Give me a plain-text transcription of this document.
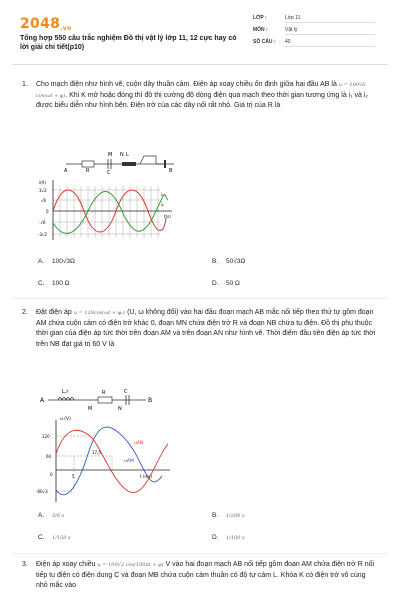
2048.vn
Tổng hợp 550 câu trắc nghiệm Đồ thị vật lý lớp 11, 12 cực hay có lời giải chi tiết(p10)
LỚP :	Lớp 11
MÔN :	Vật lý
SỐ CÂU :	40
1. Cho mạch điện như hình vẽ, cuộn dây thuần cảm. Điện áp xoay chiều ổn định giữa hai đầu AB là u = 100√6 cos(ωt + φ). Khi K mở hoặc đóng thì đồ thị cường độ dòng điện qua mạch theo thời gian tương ứng là i₁ và i₂ được biểu diễn như hình bên. Điện trở của các dây nối rất nhỏ. Giá trị của R là
A	R
M
C
N L
B
i(A)
3√2
√6
0
-√6
-3√2
t(s)
i₁
i₂
A. 100√3Ω	B. 50√3Ω
C. 100 Ω	D. 50 Ω
2. Đặt điện áp u = 120cos(ωt + φᵤ) (U, ω không đổi) vào hai đầu đoạn mạch AB mắc nối tiếp theo thứ tự gồm đoạn AM chứa cuộn cảm có điện trở khác 0, đoạn MN chứa điện trở R và đoạn NB chứa tụ điện. Đồ thị phụ thuộc thời gian của điện áp tức thời trên đoạn AM và trên đoạn AN như hình vẽ. Thời điểm đầu tiên điện áp tức thời trên NB đạt giá trị 60 V là
A
L,r
M
R
N
C
B
u (V)
120
60
0
-60√3
5
17,5
t (ms)
uAN
uAM
A. 5/6 s	B. 1/200 s
C. 1/150 s	D. 1/100 s
3. Điện áp xoay chiều u = 100√2 cos(100πt + φ) V vào hai đoạn mạch AB nối tiếp gồm đoạn AM chứa điện trở R nối tiếp tụ điện có điện dung C và đoạn MB chứa cuộn cảm thuần có độ tự cảm L. Khóa K có điện trở vô cùng nhỏ mắc vào
